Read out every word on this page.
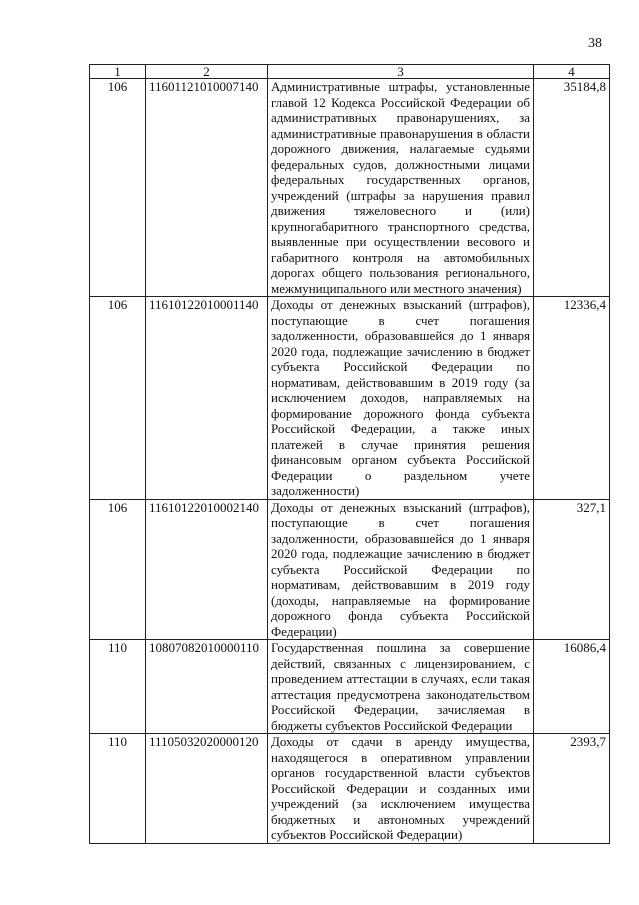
38
1	2	3	4
106	11601121010007140	Административные штрафы, установленные главой 12 Кодекса Российской Федерации об административных правонарушениях, за административные правонарушения в области дорожного движения, налагаемые судьями федеральных судов, должностными лицами федеральных государственных органов, учреждений (штрафы за нарушения правил движения тяжеловесного и (или) крупногабаритного транспортного средства, выявленные при осуществлении весового и габаритного контроля на автомобильных дорогах общего пользования регионального, межмуниципального или местного значения)	35184,8
106	11610122010001140	Доходы от денежных взысканий (штрафов), поступающие в счет погашения задолженности, образовавшейся до 1 января 2020 года, подлежащие зачислению в бюджет субъекта Российской Федерации по нормативам, действовавшим в 2019 году (за исключением доходов, направляемых на формирование дорожного фонда субъекта Российской Федерации, а также иных платежей в случае принятия решения финансовым органом субъекта Российской Федерации о раздельном учете задолженности)	12336,4
106	11610122010002140	Доходы от денежных взысканий (штрафов), поступающие в счет погашения задолженности, образовавшейся до 1 января 2020 года, подлежащие зачислению в бюджет субъекта Российской Федерации по нормативам, действовавшим в 2019 году (доходы, направляемые на формирование дорожного фонда субъекта Российской Федерации)	327,1
110	10807082010000110	Государственная пошлина за совершение действий, связанных с лицензированием, с проведением аттестации в случаях, если такая аттестация предусмотрена законодательством Российской Федерации, зачисляемая в бюджеты субъектов Российской Федерации	16086,4
110	11105032020000120	Доходы от сдачи в аренду имущества, находящегося в оперативном управлении органов государственной власти субъектов Российской Федерации и созданных ими учреждений (за исключением имущества бюджетных и автономных учреждений субъектов Российской Федерации)	2393,7
